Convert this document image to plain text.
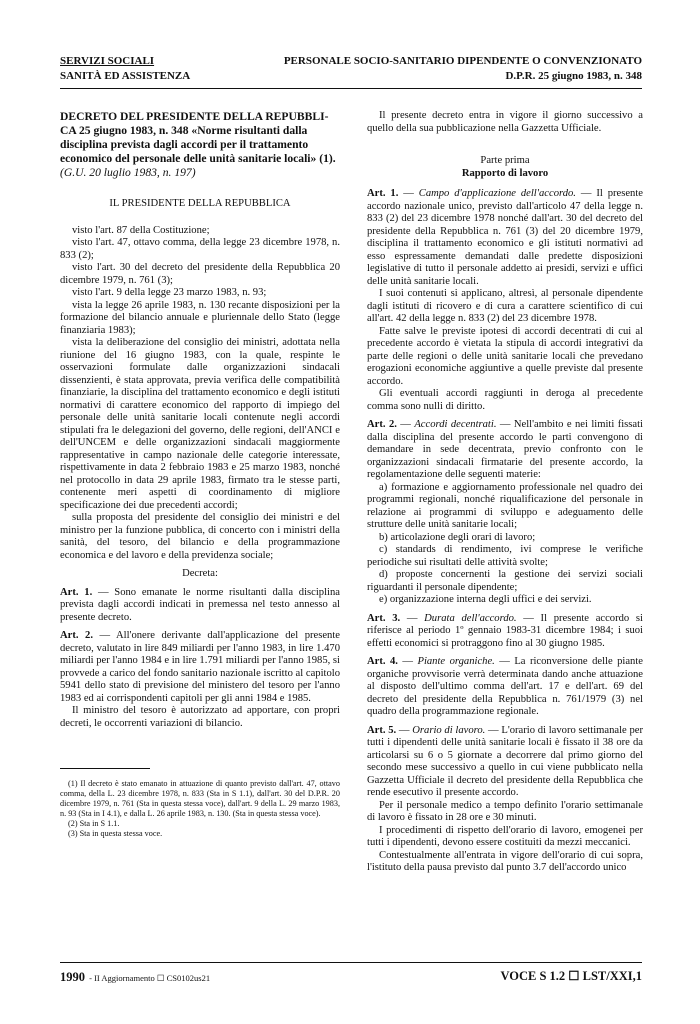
SERVIZI SOCIALI
SANITÀ ED ASSISTENZA
PERSONALE SOCIO-SANITARIO DIPENDENTE O CONVENZIONATO
D.P.R. 25 giugno 1983, n. 348

DECRETO DEL PRESIDENTE DELLA REPUBBLI-CA 25 giugno 1983, n. 348 «Norme risultanti dalla disciplina prevista dagli accordi per il trattamento economico del personale delle unità sanitarie locali» (1).

(G.U. 20 luglio 1983, n. 197)

IL PRESIDENTE DELLA REPUBBLICA

visto l'art. 87 della Costituzione;

visto l'art. 47, ottavo comma, della legge 23 dicembre 1978, n. 833 (2);

visto l'art. 30 del decreto del presidente della Repubblica 20 dicembre 1979, n. 761 (3);

visto l'art. 9 della legge 23 marzo 1983, n. 93;

vista la legge 26 aprile 1983, n. 130 recante disposizioni per la formazione del bilancio annuale e pluriennale dello Stato (legge finanziaria 1983);

vista la deliberazione del consiglio dei ministri, adottata nella riunione del 16 giugno 1983, con la quale, respinte le osservazioni formulate dalle organizzazioni sindacali dissenzienti, è stata approvata, previa verifica delle compatibilità finanziarie, la disciplina del trattamento economico e degli istituti normativi di carattere economico del rapporto di impiego del personale delle unità sanitarie locali contenute negli accordi stipulati fra le delegazioni del governo, delle regioni, dell'ANCI e dell'UNCEM e delle organizzazioni sindacali maggiormente rappresentative in campo nazionale delle categorie interessate, rispettivamente in data 2 febbraio 1983 e 25 marzo 1983, nonché nel protocollo in data 29 aprile 1983, firmato tra le stesse parti, contenente meri aspetti di coordinamento di migliore specificazione dei due precedenti accordi;

sulla proposta del presidente del consiglio dei ministri e del ministro per la funzione pubblica, di concerto con i ministri della sanità, del tesoro, del bilancio e della programmazione economica e del lavoro e della previdenza sociale;

Decreta:

Art. 1. — Sono emanate le norme risultanti dalla disciplina prevista dagli accordi indicati in premessa nel testo annesso al presente decreto.

Art. 2. — All'onere derivante dall'applicazione del presente decreto, valutato in lire 849 miliardi per l'anno 1983, in lire 1.470 miliardi per l'anno 1984 e in lire 1.791 miliardi per l'anno 1985, si provvede a carico del fondo sanitario nazionale iscritto al capitolo 5941 dello stato di previsione del ministero del tesoro per l'anno 1983 ed ai corrispondenti capitoli per gli anni 1984 e 1985.

Il ministro del tesoro è autorizzato ad apportare, con propri decreti, le occorrenti variazioni di bilancio.

(1) Il decreto è stato emanato in attuazione di quanto previsto dall'art. 47, ottavo comma, della L. 23 dicembre 1978, n. 833 (Sta in S 1.1), dall'art. 30 del D.P.R. 20 dicembre 1979, n. 761 (Sta in questa stessa voce), dall'art. 9 della L. 29 marzo 1983, n. 93 (Sta in I 4.1), e dalla L. 26 aprile 1983, n. 130. (Sta in questa stessa voce).

(2) Sta in S 1.1.

(3) Sta in questa stessa voce.

Il presente decreto entra in vigore il giorno successivo a quello della sua pubblicazione nella Gazzetta Ufficiale.

Parte prima

Rapporto di lavoro

Art. 1. — Campo d'applicazione dell'accordo. — Il presente accordo nazionale unico, previsto dall'articolo 47 della legge n. 833 (2) del 23 dicembre 1978 nonché dall'art. 30 del decreto del presidente della Repubblica n. 761 (3) del 20 dicembre 1979, disciplina il trattamento economico e gli istituti normativi ad esso espressamente demandati dalle predette disposizioni legislative di tutto il personale addetto ai presidi, servizi e uffici delle unità sanitarie locali.

I suoi contenuti si applicano, altresì, al personale dipendente dagli istituti di ricovero e di cura a carattere scientifico di cui all'art. 42 della legge n. 833 (2) del 23 dicembre 1978.

Fatte salve le previste ipotesi di accordi decentrati di cui al precedente accordo è vietata la stipula di accordi integrativi da parte delle regioni o delle unità sanitarie locali che prevedano erogazioni economiche aggiuntive a quelle previste dal presente accordo.

Gli eventuali accordi raggiunti in deroga al precedente comma sono nulli di diritto.

Art. 2. — Accordi decentrati. — Nell'ambito e nei limiti fissati dalla disciplina del presente accordo le parti convengono di demandare in sede decentrata, previo confronto con le organizzazioni sindacali firmatarie del presente accordo, la regolamentazione delle seguenti materie:

a) formazione e aggiornamento professionale nel quadro dei programmi regionali, nonché riqualificazione del personale in relazione ai programmi di sviluppo e adeguamento delle strutture delle unità sanitarie locali;

b) articolazione degli orari di lavoro;

c) standards di rendimento, ivi comprese le verifiche periodiche sui risultati delle attività svolte;

d) proposte concernenti la gestione dei servizi sociali riguardanti il personale dipendente;

e) organizzazione interna degli uffici e dei servizi.

Art. 3. — Durata dell'accordo. — Il presente accordo si riferisce al periodo 1º gennaio 1983-31 dicembre 1984; i suoi effetti economici si protraggono fino al 30 giugno 1985.

Art. 4. — Piante organiche. — La riconversione delle piante organiche provvisorie verrà determinata dando anche attuazione al disposto dell'ultimo comma dell'art. 17 e dell'art. 69 del decreto del presidente della Repubblica n. 761/1979 (3) nel quadro della programmazione regionale.

Art. 5. — Orario di lavoro. — L'orario di lavoro settimanale per tutti i dipendenti delle unità sanitarie locali è fissato il 38 ore da articolarsi su 6 o 5 giornate a decorrere dal primo giorno del secondo mese successivo a quello in cui viene pubblicato nella Gazzetta Ufficiale il decreto del presidente della Repubblica che rende esecutivo il presente accordo.

Per il personale medico a tempo definito l'orario settimanale di lavoro è fissato in 28 ore e 30 minuti.

I procedimenti di rispetto dell'orario di lavoro, emogenei per tutti i dipendenti, devono essere costituiti da mezzi meccanici.

Contestualmente all'entrata in vigore dell'orario di cui sopra, l'istituto della pausa previsto dal punto 3.7 dell'accordo unico

1990 - II Aggiornamento ☐ CS0102us21	VOCE S 1.2 ☐ LST/XXI,1
